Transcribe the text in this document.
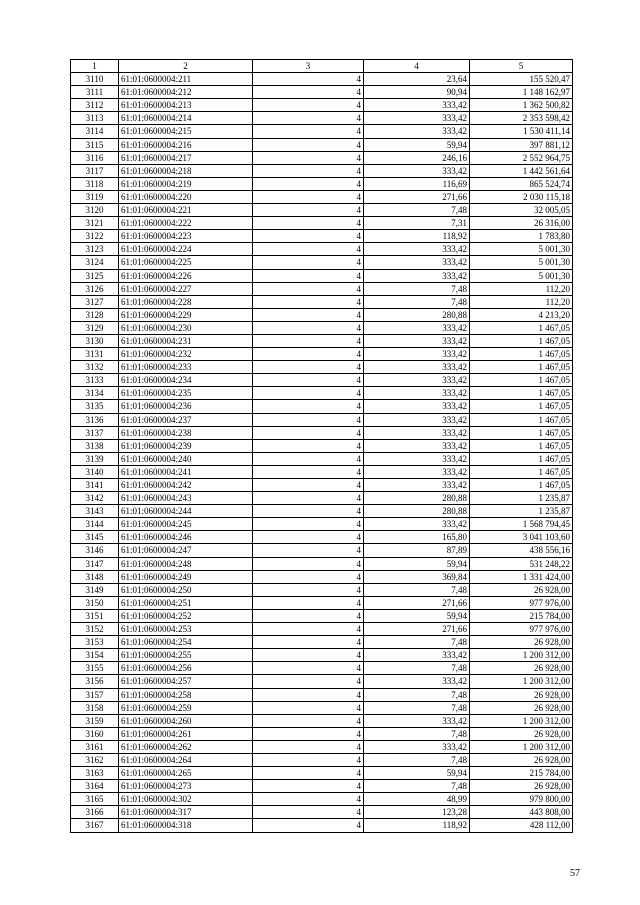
1	2	3	4	5
3110	61:01:0600004:211	4	23,64	155 520,47
3111	61:01:0600004:212	4	90,94	1 148 162,97
3112	61:01:0600004:213	4	333,42	1 362 500,82
3113	61:01:0600004:214	4	333,42	2 353 598,42
3114	61:01:0600004:215	4	333,42	1 530 411,14
3115	61:01:0600004:216	4	59,94	397 881,12
3116	61:01:0600004:217	4	246,16	2 552 964,75
3117	61:01:0600004:218	4	333,42	1 442 561,64
3118	61:01:0600004:219	4	116,69	865 524,74
3119	61:01:0600004:220	4	271,66	2 030 115,18
3120	61:01:0600004:221	4	7,48	32 005,05
3121	61:01:0600004:222	4	7,31	26 316,00
3122	61:01:0600004:223	4	118,92	1 783,80
3123	61:01:0600004:224	4	333,42	5 001,30
3124	61:01:0600004:225	4	333,42	5 001,30
3125	61:01:0600004:226	4	333,42	5 001,30
3126	61:01:0600004:227	4	7,48	112,20
3127	61:01:0600004:228	4	7,48	112,20
3128	61:01:0600004:229	4	280,88	4 213,20
3129	61:01:0600004:230	4	333,42	1 467,05
3130	61:01:0600004:231	4	333,42	1 467,05
3131	61:01:0600004:232	4	333,42	1 467,05
3132	61:01:0600004:233	4	333,42	1 467,05
3133	61:01:0600004:234	4	333,42	1 467,05
3134	61:01:0600004:235	4	333,42	1 467,05
3135	61:01:0600004:236	4	333,42	1 467,05
3136	61:01:0600004:237	4	333,42	1 467,05
3137	61:01:0600004:238	4	333,42	1 467,05
3138	61:01:0600004:239	4	333,42	1 467,05
3139	61:01:0600004:240	4	333,42	1 467,05
3140	61:01:0600004:241	4	333,42	1 467,05
3141	61:01:0600004:242	4	333,42	1 467,05
3142	61:01:0600004:243	4	280,88	1 235,87
3143	61:01:0600004:244	4	280,88	1 235,87
3144	61:01:0600004:245	4	333,42	1 568 794,45
3145	61:01:0600004:246	4	165,80	3 041 103,60
3146	61:01:0600004:247	4	87,89	438 556,16
3147	61:01:0600004:248	4	59,94	531 248,22
3148	61:01:0600004:249	4	369,84	1 331 424,00
3149	61:01:0600004:250	4	7,48	26 928,00
3150	61:01:0600004:251	4	271,66	977 976,00
3151	61:01:0600004:252	4	59,94	215 784,00
3152	61:01:0600004:253	4	271,66	977 976,00
3153	61:01:0600004:254	4	7,48	26 928,00
3154	61:01:0600004:255	4	333,42	1 200 312,00
3155	61:01:0600004:256	4	7,48	26 928,00
3156	61:01:0600004:257	4	333,42	1 200 312,00
3157	61:01:0600004:258	4	7,48	26 928,00
3158	61:01:0600004:259	4	7,48	26 928,00
3159	61:01:0600004:260	4	333,42	1 200 312,00
3160	61:01:0600004:261	4	7,48	26 928,00
3161	61:01:0600004:262	4	333,42	1 200 312,00
3162	61:01:0600004:264	4	7,48	26 928,00
3163	61:01:0600004:265	4	59,94	215 784,00
3164	61:01:0600004:273	4	7,48	26 928,00
3165	61:01:0600004:302	4	48,99	979 800,00
3166	61:01:0600004:317	4	123,28	443 808,00
3167	61:01:0600004:318	4	118,92	428 112,00
57
